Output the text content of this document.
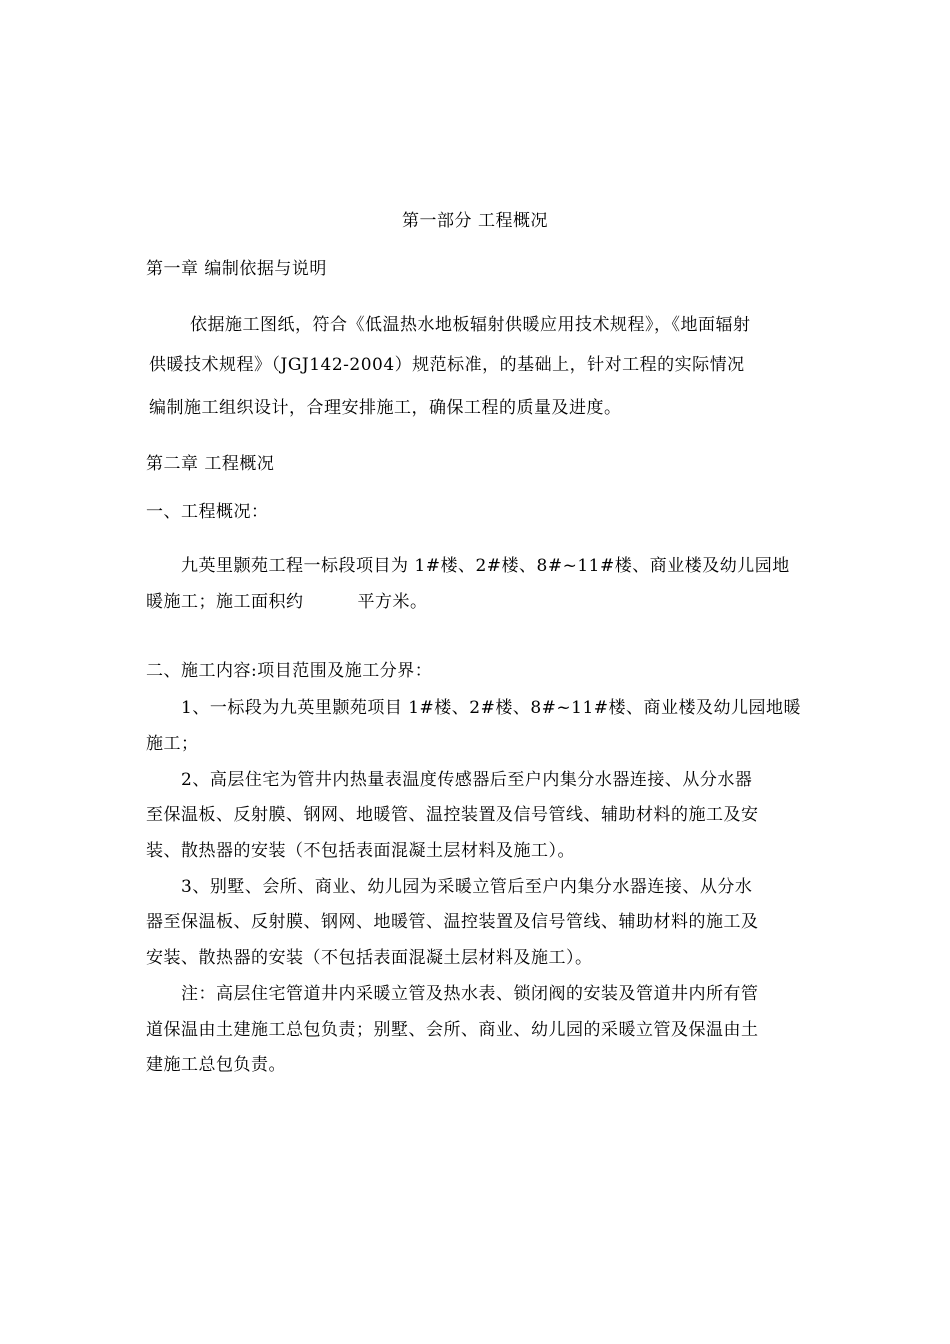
第一部分 工程概况
第一章 编制依据与说明
依据施工图纸，符合《低温热水地板辐射供暖应用技术规程》，《地面辐射
供暖技术规程》（JGJ142-2004）规范标准，的基础上，针对工程的实际情况
编制施工组织设计，合理安排施工，确保工程的质量及进度。
第二章 工程概况
一、工程概况：
九英里颢苑工程一标段项目为 1#楼、2#楼、8#~11#楼、商业楼及幼儿园地
暖施工；施工面积约	平方米。
二、施工内容:项目范围及施工分界：
1、一标段为九英里颢苑项目 1#楼、2#楼、8#~11#楼、商业楼及幼儿园地暖
施工；
2、高层住宅为管井内热量表温度传感器后至户内集分水器连接、从分水器
至保温板、反射膜、钢网、地暖管、温控装置及信号管线、辅助材料的施工及安
装、散热器的安装（不包括表面混凝土层材料及施工）。
3、别墅、会所、商业、幼儿园为采暖立管后至户内集分水器连接、从分水
器至保温板、反射膜、钢网、地暖管、温控装置及信号管线、辅助材料的施工及
安装、散热器的安装（不包括表面混凝土层材料及施工）。
注：高层住宅管道井内采暖立管及热水表、锁闭阀的安装及管道井内所有管
道保温由土建施工总包负责；别墅、会所、商业、幼儿园的采暖立管及保温由土
建施工总包负责。
